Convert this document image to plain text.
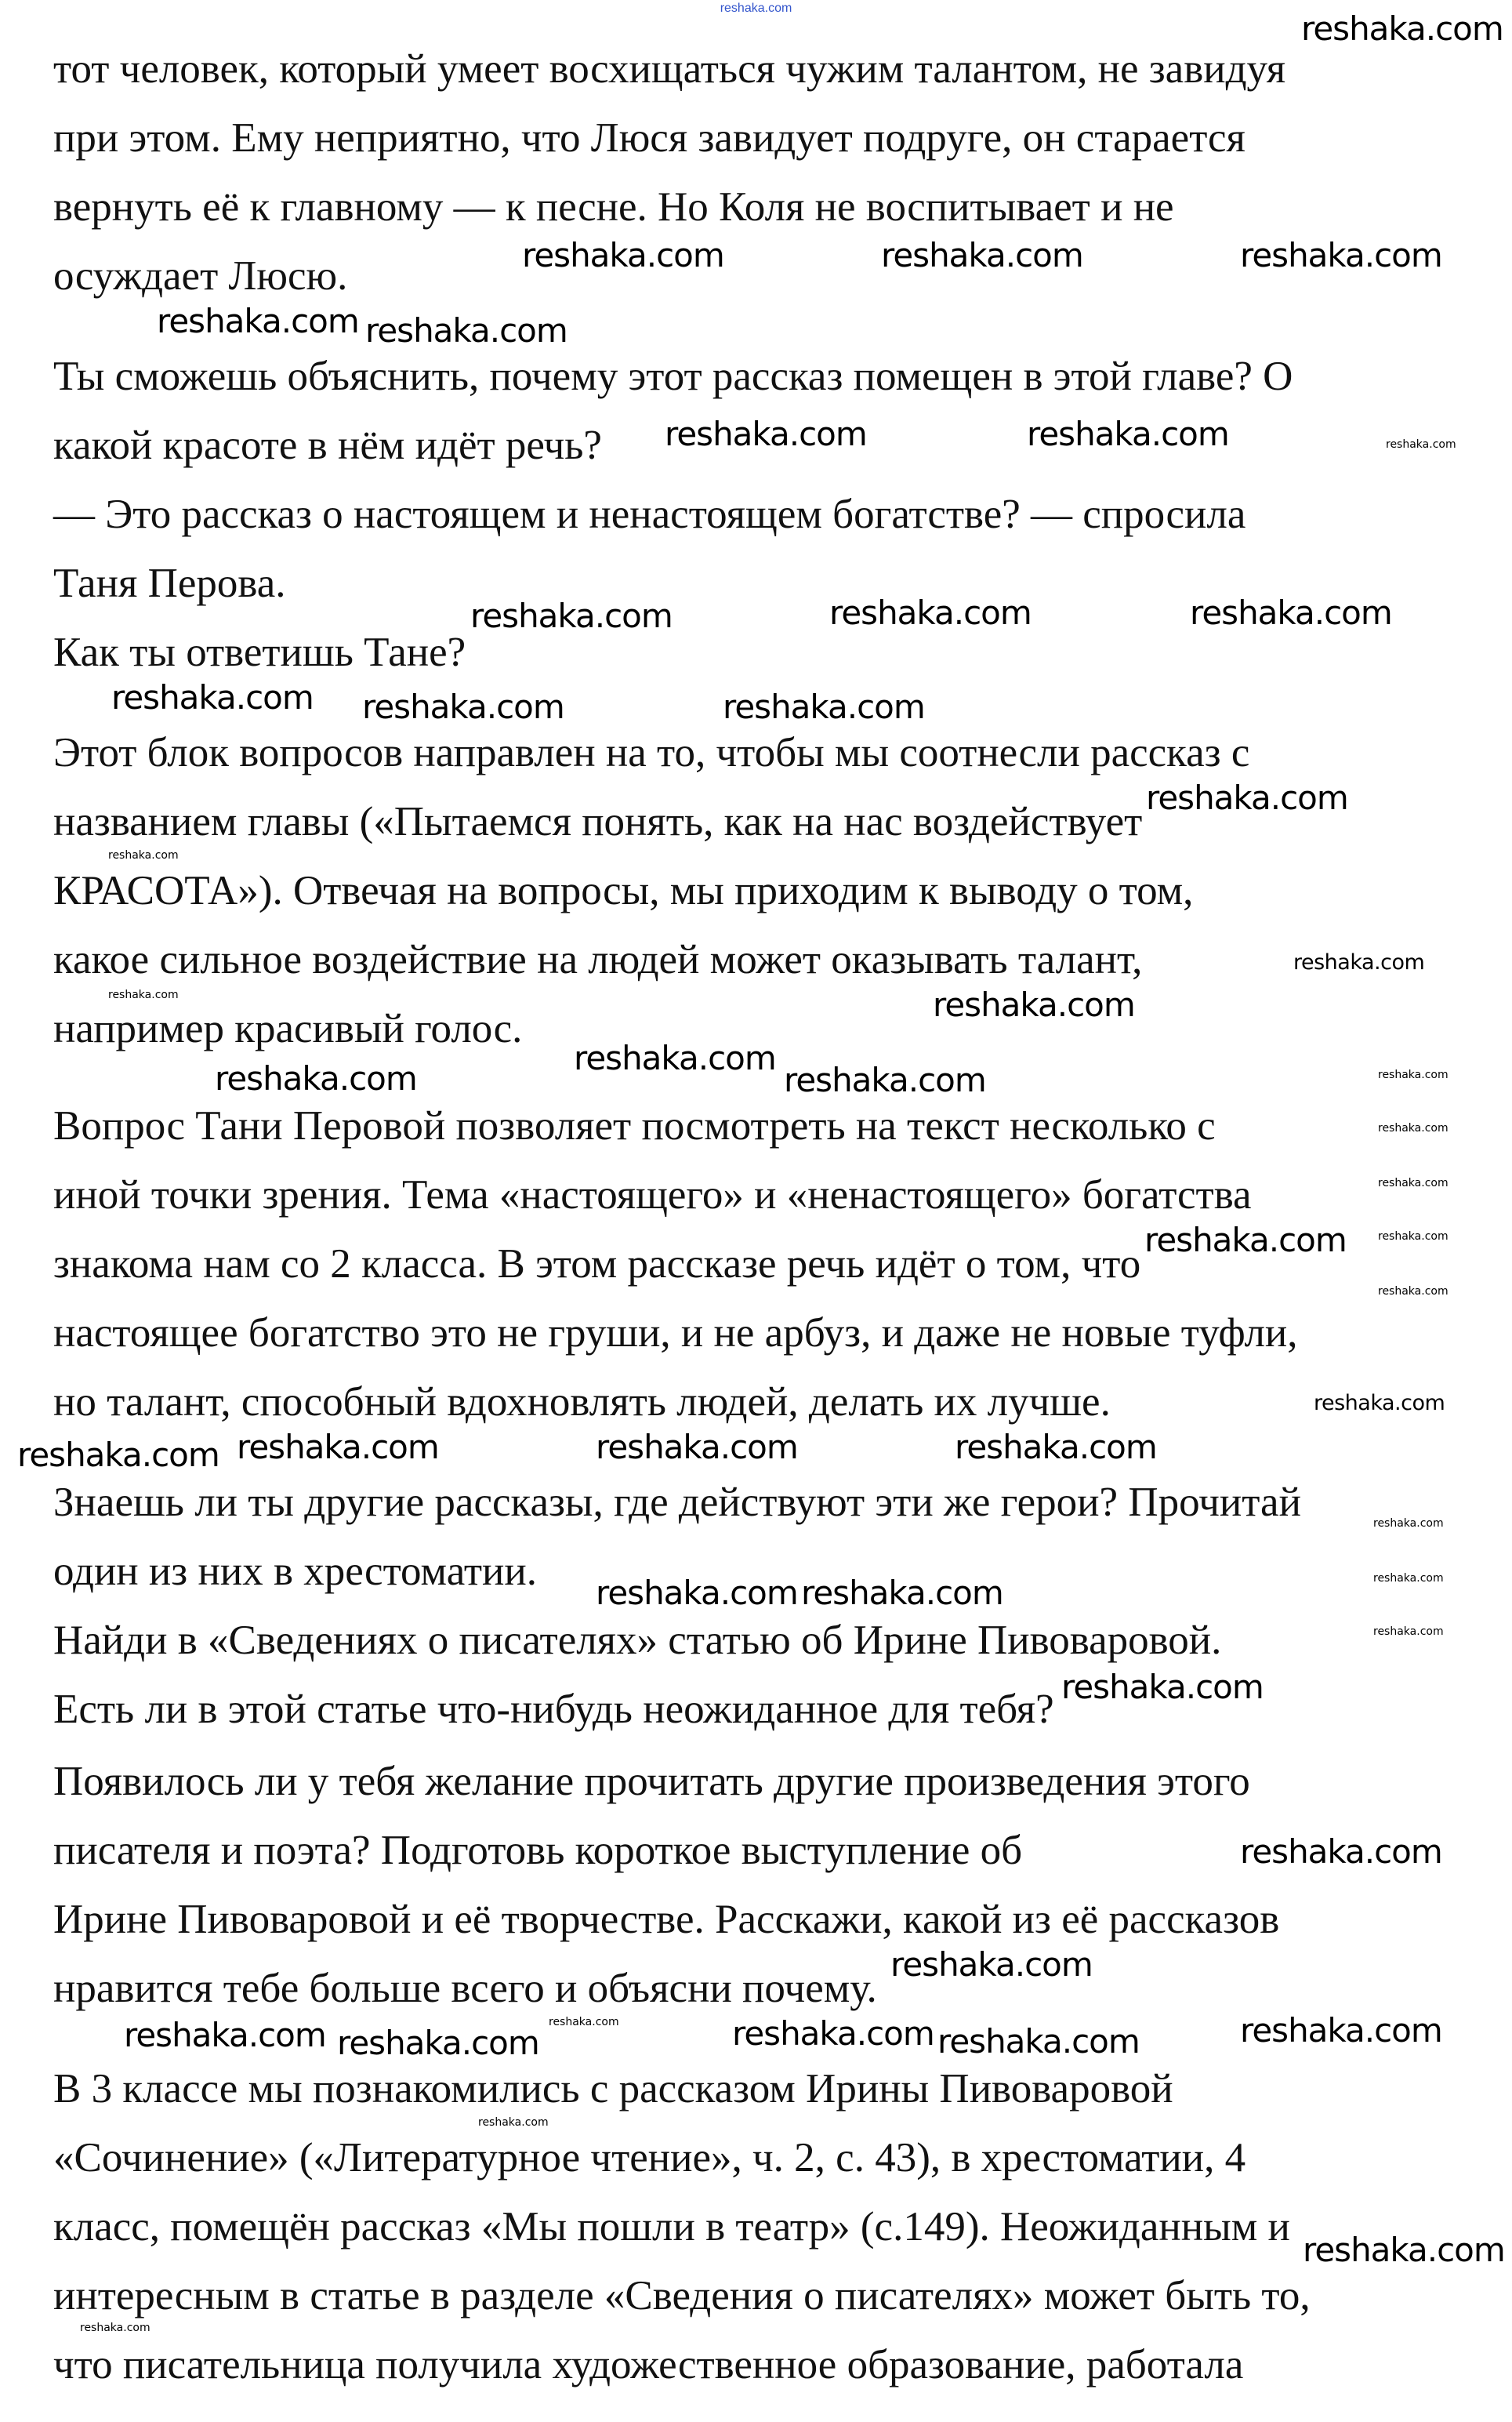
reshaka.com
тот человек, который умеет восхищаться чужим талантом, не завидуя
при этом. Ему неприятно, что Люся завидует подруге, он старается
вернуть её к главному — к песне. Но Коля не воспитывает и не
осуждает Люсю.
Ты сможешь объяснить, почему этот рассказ помещен в этой главе? О
какой красоте в нём идёт речь?
— Это рассказ о настоящем и ненастоящем богатстве? — спросила
Таня Перова.
Как ты ответишь Тане?
Этот блок вопросов направлен на то, чтобы мы соотнесли рассказ с
названием главы («Пытаемся понять, как на нас воздействует
КРАСОТА»). Отвечая на вопросы, мы приходим к выводу о том,
какое сильное воздействие на людей может оказывать талант,
например красивый голос.
Вопрос Тани Перовой позволяет посмотреть на текст несколько с
иной точки зрения. Тема «настоящего» и «ненастоящего» богатства
знакома нам со 2 класса. В этом рассказе речь идёт о том, что
настоящее богатство это не груши, и не арбуз, и даже не новые туфли,
но талант, способный вдохновлять людей, делать их лучше.
Знаешь ли ты другие рассказы, где действуют эти же герои? Прочитай
один из них в хрестоматии.
Найди в «Сведениях о писателях» статью об Ирине Пивоваровой.
Есть ли в этой статье что-нибудь неожиданное для тебя?
Появилось ли у тебя желание прочитать другие произведения этого
писателя и поэта? Подготовь короткое выступление об
Ирине Пивоваровой и её творчестве. Расскажи, какой из её рассказов
нравится тебе больше всего и объясни почему.
В 3 классе мы познакомились с рассказом Ирины Пивоваровой
«Сочинение» («Литературное чтение», ч. 2, с. 43), в хрестоматии, 4
класс, помещён рассказ «Мы пошли в театр» (с.149). Неожиданным и
интересным в статье в разделе «Сведения о писателях» может быть то,
что писательница получила художественное образование, работала
reshaka.com
reshaka.com	reshaka.com	reshaka.com
reshaka.com
reshaka.com	reshaka.com
reshaka.com	reshaka.com	reshaka.com
reshaka.com	reshaka.com
reshaka.com
reshaka.com
reshaka.com
reshaka.com
reshaka.com	reshaka.com
reshaka.com
reshaka.com	reshaka.com	reshaka.com
reshaka.com
reshaka.com
reshaka.com
reshaka.com
reshaka.com
reshaka.com
reshaka.com	reshaka.com	reshaka.com
reshaka.com	reshaka.com
reshaka.com
reshaka.com
reshaka.com
reshaka.com
reshaka.com
reshaka.com
reshaka.com
reshaka.com
reshaka.com
reshaka.com
reshaka.com
reshaka.com
reshaka.com
reshaka.com
reshaka.com
reshaka.com
reshaka.com
reshaka.com
